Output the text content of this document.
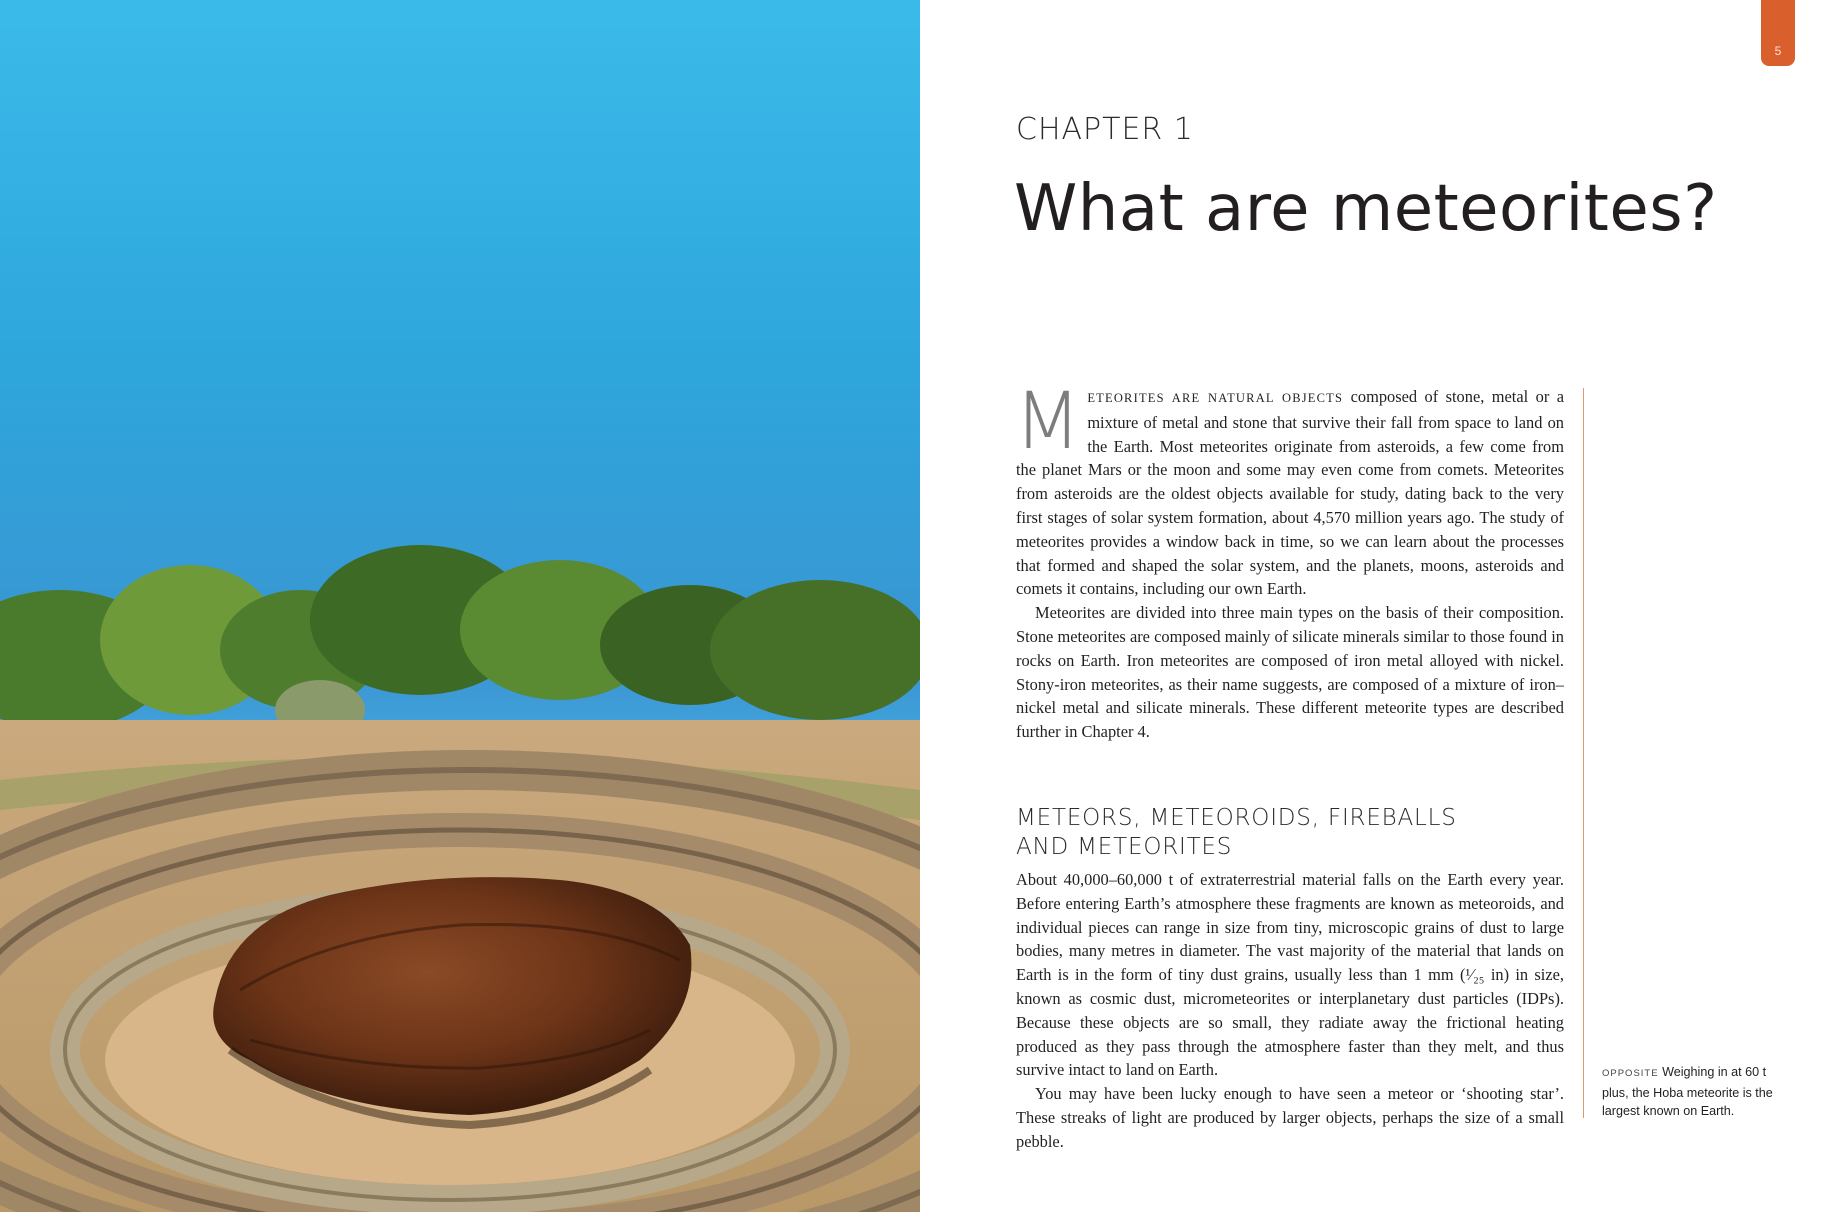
5
CHAPTER 1
What are meteorites?

METEORITES ARE NATURAL OBJECTS composed of stone, metal or a mixture of metal and stone that survive their fall from space to land on the Earth. Most meteorites originate from asteroids, a few come from the planet Mars or the moon and some may even come from comets. Meteorites from asteroids are the oldest objects available for study, dating back to the very first stages of solar system formation, about 4,570 million years ago. The study of meteorites provides a window back in time, so we can learn about the processes that formed and shaped the solar system, and the planets, moons, asteroids and comets it contains, including our own Earth.

Meteorites are divided into three main types on the basis of their composition. Stone meteorites are composed mainly of silicate minerals similar to those found in rocks on Earth. Iron meteorites are composed of iron metal alloyed with nickel. Stony-iron meteorites, as their name suggests, are composed of a mixture of iron–nickel metal and silicate minerals. These different meteorite types are described further in Chapter 4.

METEORS, METEOROIDS, FIREBALLS
AND METEORITES

About 40,000–60,000 t of extraterrestrial material falls on the Earth every year. Before entering Earth’s atmosphere these fragments are known as meteoroids, and individual pieces can range in size from tiny, microscopic grains of dust to large bodies, many metres in diameter. The vast majority of the material that lands on Earth is in the form of tiny dust grains, usually less than 1 mm (¹⁄₂₅ in) in size, known as cosmic dust, micrometeorites or interplanetary dust particles (IDPs). Because these objects are so small, they radiate away the frictional heating produced as they pass through the atmosphere faster than they melt, and thus survive intact to land on Earth.

You may have been lucky enough to have seen a meteor or ‘shooting star’. These streaks of light are produced by larger objects, perhaps the size of a small pebble.

OPPOSITE Weighing in at 60 t plus, the Hoba meteorite is the largest known on Earth.
